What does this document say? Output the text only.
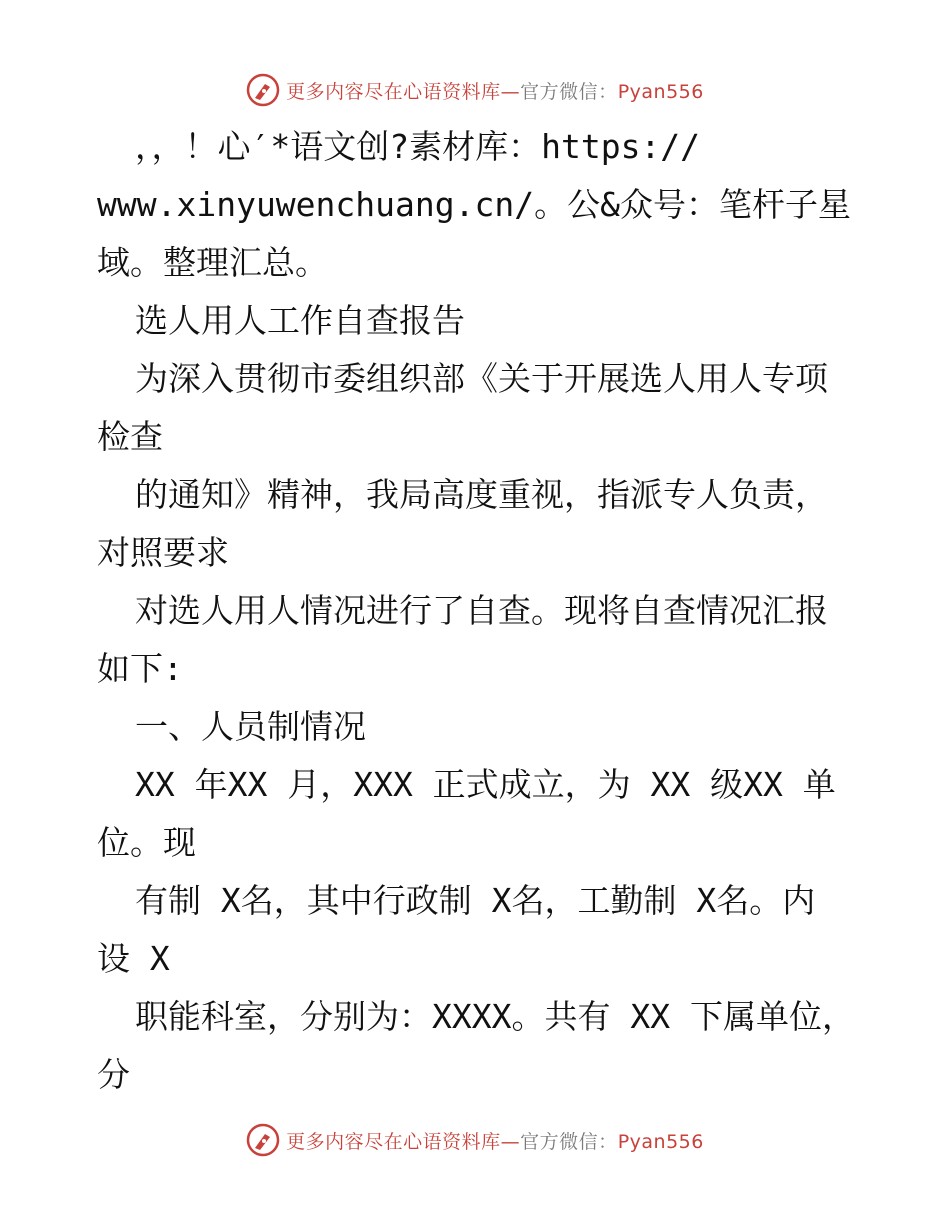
更多内容尽在心语资料库—官方微信：Pyan556
，，！心′*语文创?素材库：https://
www.xinyuwenchuang.cn/。公&众号：笔杆子星
域。整理汇总。
选人用人工作自查报告
为深入贯彻市委组织部《关于开展选人用人专项
检查
的通知》精神，我局高度重视，指派专人负责，
对照要求
对选人用人情况进行了自查。现将自查情况汇报
如下:
一、人员制情况
XX 年XX 月，XXX 正式成立，为 XX 级XX 单
位。现
有制 X名，其中行政制 X名，工勤制 X名。内
设 X
职能科室，分别为：XXXX。共有 XX 下属单位，
分
更多内容尽在心语资料库—官方微信：Pyan556
